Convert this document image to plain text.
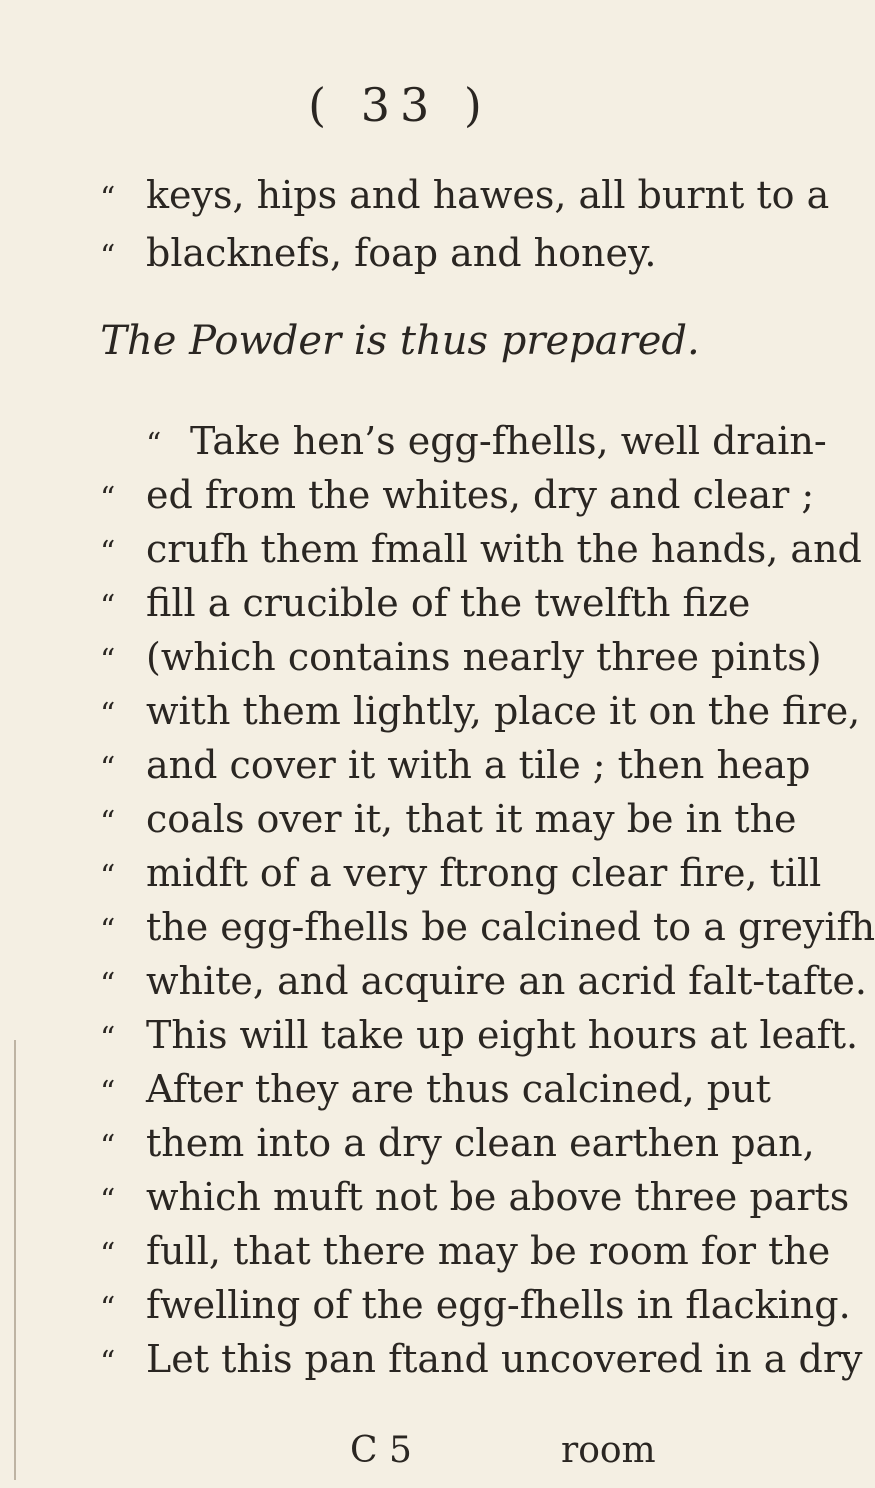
( 33 )
“ keys, hips and hawes, all burnt to a
“ blacknefs, foap and honey.
The Powder is thus prepared.
“ Take hen’s egg-fhells, well drain-
“ ed from the whites, dry and clear ;
“ crufh them fmall with the hands, and
“ fill a crucible of the twelfth fize
“ (which contains nearly three pints)
“ with them lightly, place it on the fire,
“ and cover it with a tile ; then heap
“ coals over it, that it may be in the
“ midft of a very ftrong clear fire, till
“ the egg-fhells be calcined to a greyifh
“ white, and acquire an acrid falt-tafte.
“ This will take up eight hours at leaft.
“ After they are thus calcined, put
“ them into a dry clean earthen pan,
“ which muft not be above three parts
“ full, that there may be room for the
“ fwelling of the egg-fhells in flacking.
“ Let this pan ftand uncovered in a dry
C 5	room
